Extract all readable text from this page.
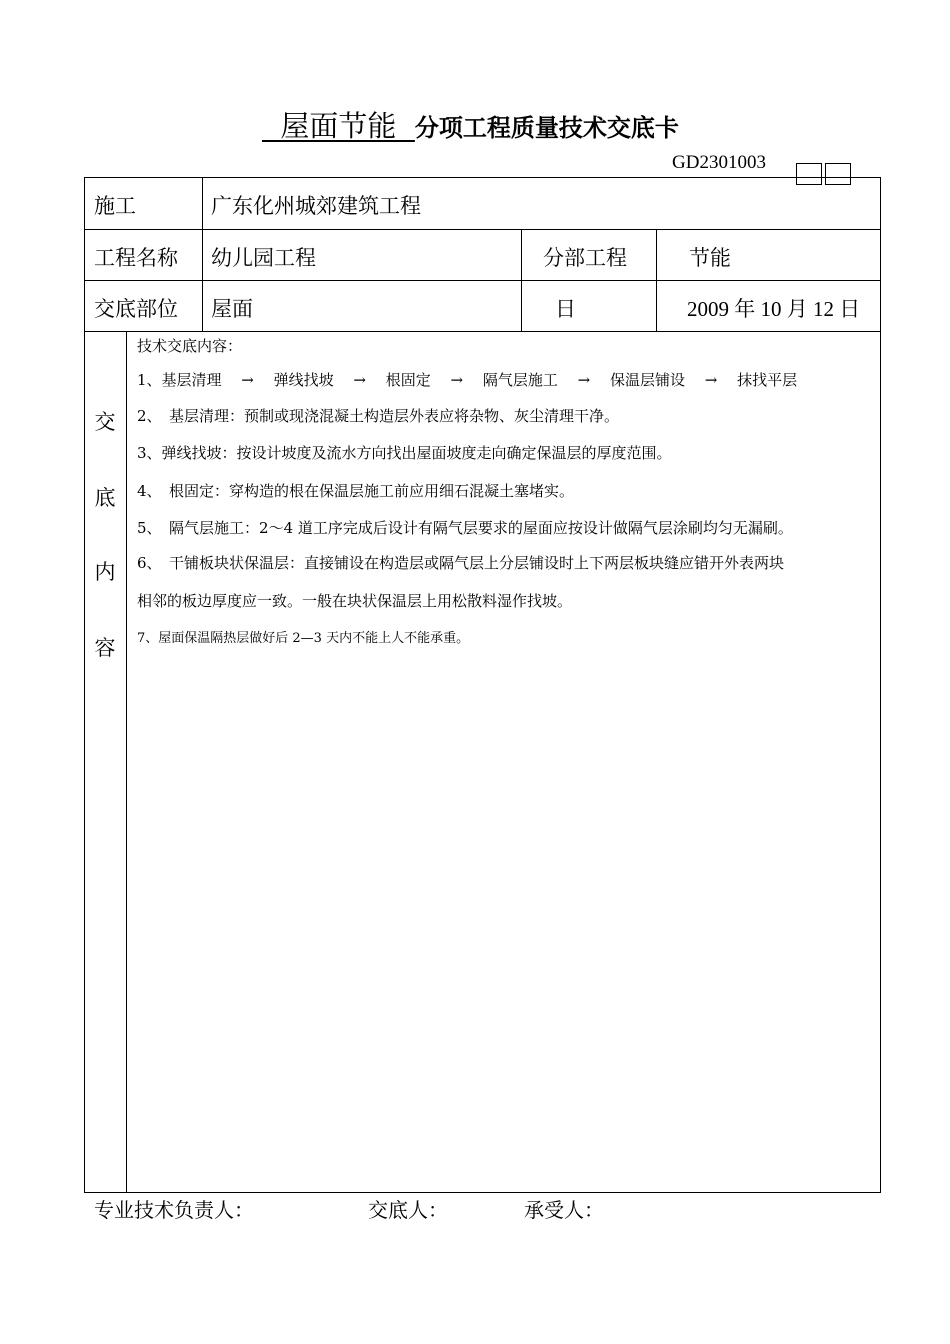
屋面节能  分项工程质量技术交底卡
GD2301003
施工	广东化州城郊建筑工程
工程名称 幼儿园工程	分部工程	节能
交底部位 屋面	日	2009 年 10 月 12 日
交
底
内
容
技术交底内容：
1、基层清理　 →　 弹线找坡　 →　 根固定　 →　 隔气层施工　 →　 保温层铺设　 →　 抹找平层
2、　基层清理：预制或现浇混凝土构造层外表应将杂物、灰尘清理干净。
3、弹线找坡：按设计坡度及流水方向找出屋面坡度走向确定保温层的厚度范围。
4、　根固定：穿构造的根在保温层施工前应用细石混凝土塞堵实。
5、　隔气层施工：2～4 道工序完成后设计有隔气层要求的屋面应按设计做隔气层涂刷均匀无漏刷。
6、　干铺板块状保温层：直接铺设在构造层或隔气层上分层铺设时上下两层板块缝应错开外表两块
相邻的板边厚度应一致。一般在块状保温层上用松散料湿作找坡。
7、屋面保温隔热层做好后 2—3 天内不能上人不能承重。
专业技术负责人：	交底人：	承受人：
